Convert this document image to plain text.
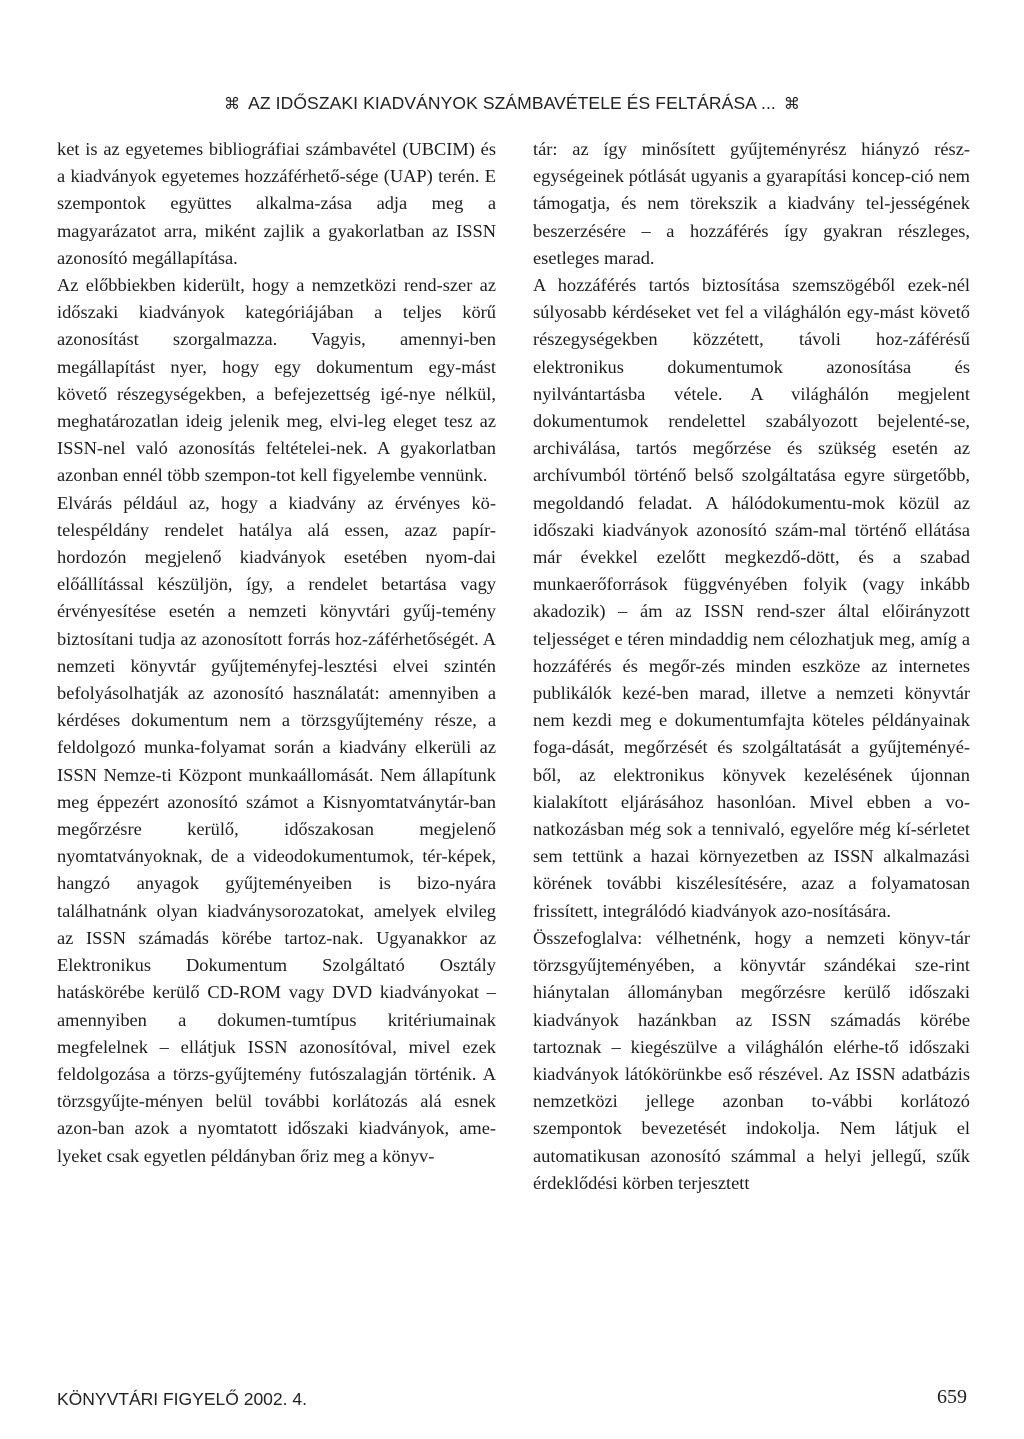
⌘ AZ IDŐSZAKI KIADVÁNYOK SZÁMBAVÉTELE ÉS FELTÁRÁSA ... ⌘

ket is az egyetemes bibliográfiai számbavétel (UBCIM) és a kiadványok egyetemes hozzáférhető-sége (UAP) terén. E szempontok együttes alkalma-zása adja meg a magyarázatot arra, miként zajlik a gyakorlatban az ISSN azonosító megállapítása.

Az előbbiekben kiderült, hogy a nemzetközi rend-szer az időszaki kiadványok kategóriájában a teljes körű azonosítást szorgalmazza. Vagyis, amennyi-ben megállapítást nyer, hogy egy dokumentum egy-mást követő részegységekben, a befejezettség igé-nye nélkül, meghatározatlan ideig jelenik meg, elvi-leg eleget tesz az ISSN-nel való azonosítás feltételei-nek. A gyakorlatban azonban ennél több szempon-tot kell figyelembe vennünk.

Elvárás például az, hogy a kiadvány az érvényes kö-telespéldány rendelet hatálya alá essen, azaz papír-hordozón megjelenő kiadványok esetében nyom-dai előállítással készüljön, így, a rendelet betartása vagy érvényesítése esetén a nemzeti könyvtári gyűj-temény biztosítani tudja az azonosított forrás hoz-záférhetőségét. A nemzeti könyvtár gyűjteményfej-lesztési elvei szintén befolyásolhatják az azonosító használatát: amennyiben a kérdéses dokumentum nem a törzsgyűjtemény része, a feldolgozó munka-folyamat során a kiadvány elkerüli az ISSN Nemze-ti Központ munkaállomását. Nem állapítunk meg éppezért azonosító számot a Kisnyomtatványtár-ban megőrzésre kerülő, időszakosan megjelenő nyomtatványoknak, de a videodokumentumok, tér-képek, hangzó anyagok gyűjteményeiben is bizo-nyára találhatnánk olyan kiadványsorozatokat, amelyek elvileg az ISSN számadás körébe tartoz-nak. Ugyanakkor az Elektronikus Dokumentum Szolgáltató Osztály hatáskörébe kerülő CD-ROM vagy DVD kiadványokat – amennyiben a dokumen-tumtípus kritériumainak megfelelnek – ellátjuk ISSN azonosítóval, mivel ezek feldolgozása a törzs-gyűjtemény futószalagján történik. A törzsgyűjte-ményen belül további korlátozás alá esnek azon-ban azok a nyomtatott időszaki kiadványok, ame-lyeket csak egyetlen példányban őriz meg a könyv-

tár: az így minősített gyűjteményrész hiányzó rész-egységeinek pótlását ugyanis a gyarapítási koncep-ció nem támogatja, és nem törekszik a kiadvány tel-jességének beszerzésére – a hozzáférés így gyakran részleges, esetleges marad.

A hozzáférés tartós biztosítása szemszögéből ezek-nél súlyosabb kérdéseket vet fel a világhálón egy-mást követő részegységekben közzétett, távoli hoz-záférésű elektronikus dokumentumok azonosítása és nyilvántartásba vétele. A világhálón megjelent dokumentumok rendelettel szabályozott bejelenté-se, archiválása, tartós megőrzése és szükség esetén az archívumból történő belső szolgáltatása egyre sürgetőbb, megoldandó feladat. A hálódokumentu-mok közül az időszaki kiadványok azonosító szám-mal történő ellátása már évekkel ezelőtt megkezdő-dött, és a szabad munkaerőforrások függvényében folyik (vagy inkább akadozik) – ám az ISSN rend-szer által előirányzott teljességet e téren mindaddig nem célozhatjuk meg, amíg a hozzáférés és megőr-zés minden eszköze az internetes publikálók kezé-ben marad, illetve a nemzeti könyvtár nem kezdi meg e dokumentumfajta köteles példányainak foga-dását, megőrzését és szolgáltatását a gyűjteményé-ből, az elektronikus könyvek kezelésének újonnan kialakított eljárásához hasonlóan. Mivel ebben a vo-natkozásban még sok a tennivaló, egyelőre még kí-sérletet sem tettünk a hazai környezetben az ISSN alkalmazási körének további kiszélesítésére, azaz a folyamatosan frissített, integrálódó kiadványok azo-nosítására.

Összefoglalva: vélhetnénk, hogy a nemzeti könyv-tár törzsgyűjteményében, a könyvtár szándékai sze-rint hiánytalan állományban megőrzésre kerülő időszaki kiadványok hazánkban az ISSN számadás körébe tartoznak – kiegészülve a világhálón elérhe-tő időszaki kiadványok látókörünkbe eső részével. Az ISSN adatbázis nemzetközi jellege azonban to-vábbi korlátozó szempontok bevezetését indokolja. Nem látjuk el automatikusan azonosító számmal a helyi jellegű, szűk érdeklődési körben terjesztett

KÖNYVTÁRI FIGYELŐ 2002. 4.	659
